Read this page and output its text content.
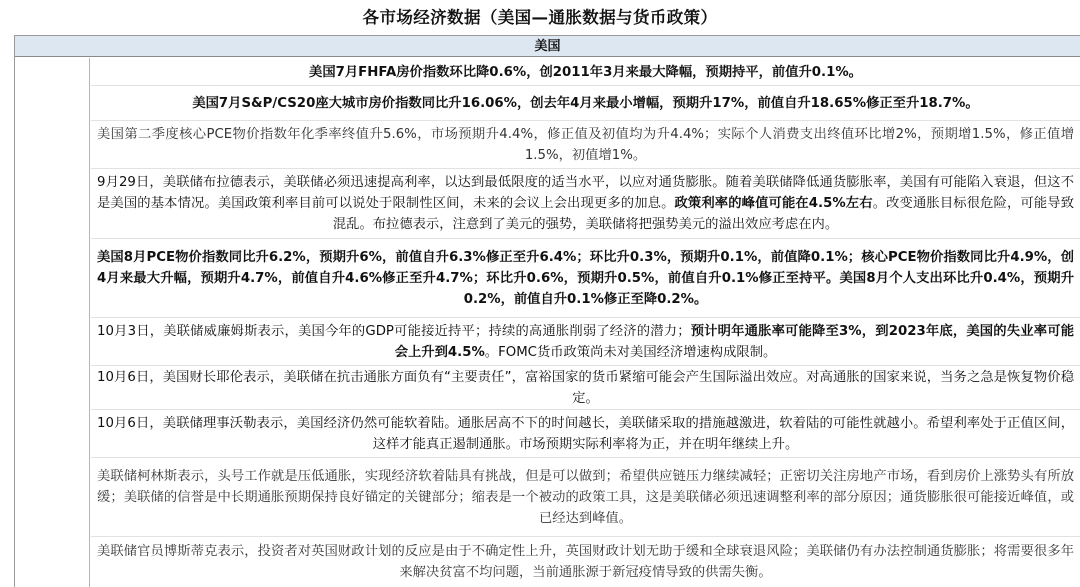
各市场经济数据（美国—通胀数据与货币政策）
美国
美国7月FHFA房价指数环比降0.6%，创2011年3月来最大降幅，预期持平，前值升0.1%。
美国7月S&P/CS20座大城市房价指数同比升16.06%，创去年4月来最小增幅，预期升17%，前值自升18.65%修正至升18.7%。
美国第二季度核心PCE物价指数年化季率终值升5.6%，市场预期升4.4%，修正值及初值均为升4.4%；实际个人消费支出终值环比增2%，预期增1.5%，修正值增1.5%，初值增1%。
9月29日，美联储布拉德表示，美联储必须迅速提高利率，以达到最低限度的适当水平，以应对通货膨胀。随着美联储降低通货膨胀率，美国有可能陷入衰退，但这不是美国的基本情况。美国政策利率目前可以说处于限制性区间，未来的会议上会出现更多的加息。政策利率的峰值可能在4.5%左右。改变通胀目标很危险，可能导致混乱。布拉德表示，注意到了美元的强势，美联储将把强势美元的溢出效应考虑在内。
美国8月PCE物价指数同比升6.2%，预期升6%，前值自升6.3%修正至升6.4%；环比升0.3%，预期升0.1%，前值降0.1%；核心PCE物价指数同比升4.9%，创4月来最大升幅，预期升4.7%，前值自升4.6%修正至升4.7%；环比升0.6%，预期升0.5%，前值自升0.1%修正至持平。美国8月个人支出环比升0.4%，预期升0.2%，前值自升0.1%修正至降0.2%。
10月3日，美联储威廉姆斯表示，美国今年的GDP可能接近持平；持续的高通胀削弱了经济的潜力；预计明年通胀率可能降至3%，到2023年底，美国的失业率可能会上升到4.5%。FOMC货币政策尚未对美国经济增速构成限制。
10月6日，美国财长耶伦表示，美联储在抗击通胀方面负有“主要责任”，富裕国家的货币紧缩可能会产生国际溢出效应。对高通胀的国家来说，当务之急是恢复物价稳定。
10月6日，美联储理事沃勒表示，美国经济仍然可能软着陆。通胀居高不下的时间越长，美联储采取的措施越激进，软着陆的可能性就越小。希望利率处于正值区间，这样才能真正遏制通胀。市场预期实际利率将为正，并在明年继续上升。
美联储柯林斯表示，头号工作就是压低通胀，实现经济软着陆具有挑战，但是可以做到；希望供应链压力继续减轻；正密切关注房地产市场，看到房价上涨势头有所放缓；美联储的信誉是中长期通胀预期保持良好锚定的关键部分；缩表是一个被动的政策工具，这是美联储必须迅速调整利率的部分原因；通货膨胀很可能接近峰值，或已经达到峰值。
美联储官员博斯蒂克表示，投资者对英国财政计划的反应是由于不确定性上升，英国财政计划无助于缓和全球衰退风险；美联储仍有办法控制通货膨胀；将需要很多年来解决贫富不均问题，当前通胀源于新冠疫情导致的供需失衡。
